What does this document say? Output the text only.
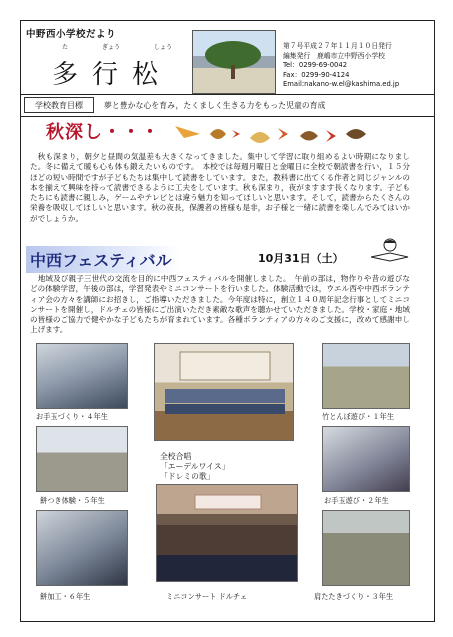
中野西小学校だより
た	ぎょう	しょう
多行松
第７号平成２７年１１月１０日発行
編集発行　鹿嶋市立中野西小学校
Tel：0299-69-0042
Fax：0299-90-4124
Email:nakano-w.el@kashima.ed.jp
学校教育目標	夢と豊かな心を育み，たくましく生きる力をもった児童の育成
秋深し・・・
　秋も深まり，朝夕と昼間の気温差も大きくなってきました。集中して学習に取り組めるよい時期になりました。冬に備えて暖も心も体も鍛えたいものです。　本校では毎週月曜日と金曜日に全校で朝読書を行い，１５分ほどの短い時間ですが子どもたちは集中して読書をしています。また，教科書に出てくる作者と同じジャンルの本を揃えて興味を持って読書できるように工夫をしています。秋も深まり，夜がますます長くなります。子どもたちにも読書に親しみ，ゲームやテレビとは違う魅力を知ってほしいと思います。そして，読書からたくさんの栄養を吸収してほしいと思います。秋の夜長，保護者の皆様も是非，お子様と一緒に読書を楽しんでみてはいかがでしょうか。
中西フェスティバル	10月31日（土）
　地域及び親子三世代の交流を目的に中西フェスティバルを開催しました。　午前の部は，物作りや昔の遊びなどの体験学習，午後の部は，学習発表やミニコンサートを行いました。体験活動では，ウエル西や中西ボランティア会の方々を講師にお招きし，ご指導いただきました。今年度は特に，創立１４０周年記念行事としてミニコンサートを開催し，ドルチェの皆様にご出演いただき素敵な歌声を聴かせていただきました。学校・家庭・地域の皆様のご協力で健やかな子どもたちが育まれています。各種ボランティアの方々のご支援に，改めて感謝申し上げます。
お手玉づくり・４年生	竹とんぼ遊び・１年生
餅つき体験・５年生
全校合唱
「エーデルワイス」
「ドレミの歌」
お手玉遊び・２年生
餅加工・６年生	ミニコンサート ドルチェ	肩たたきづくり・３年生
